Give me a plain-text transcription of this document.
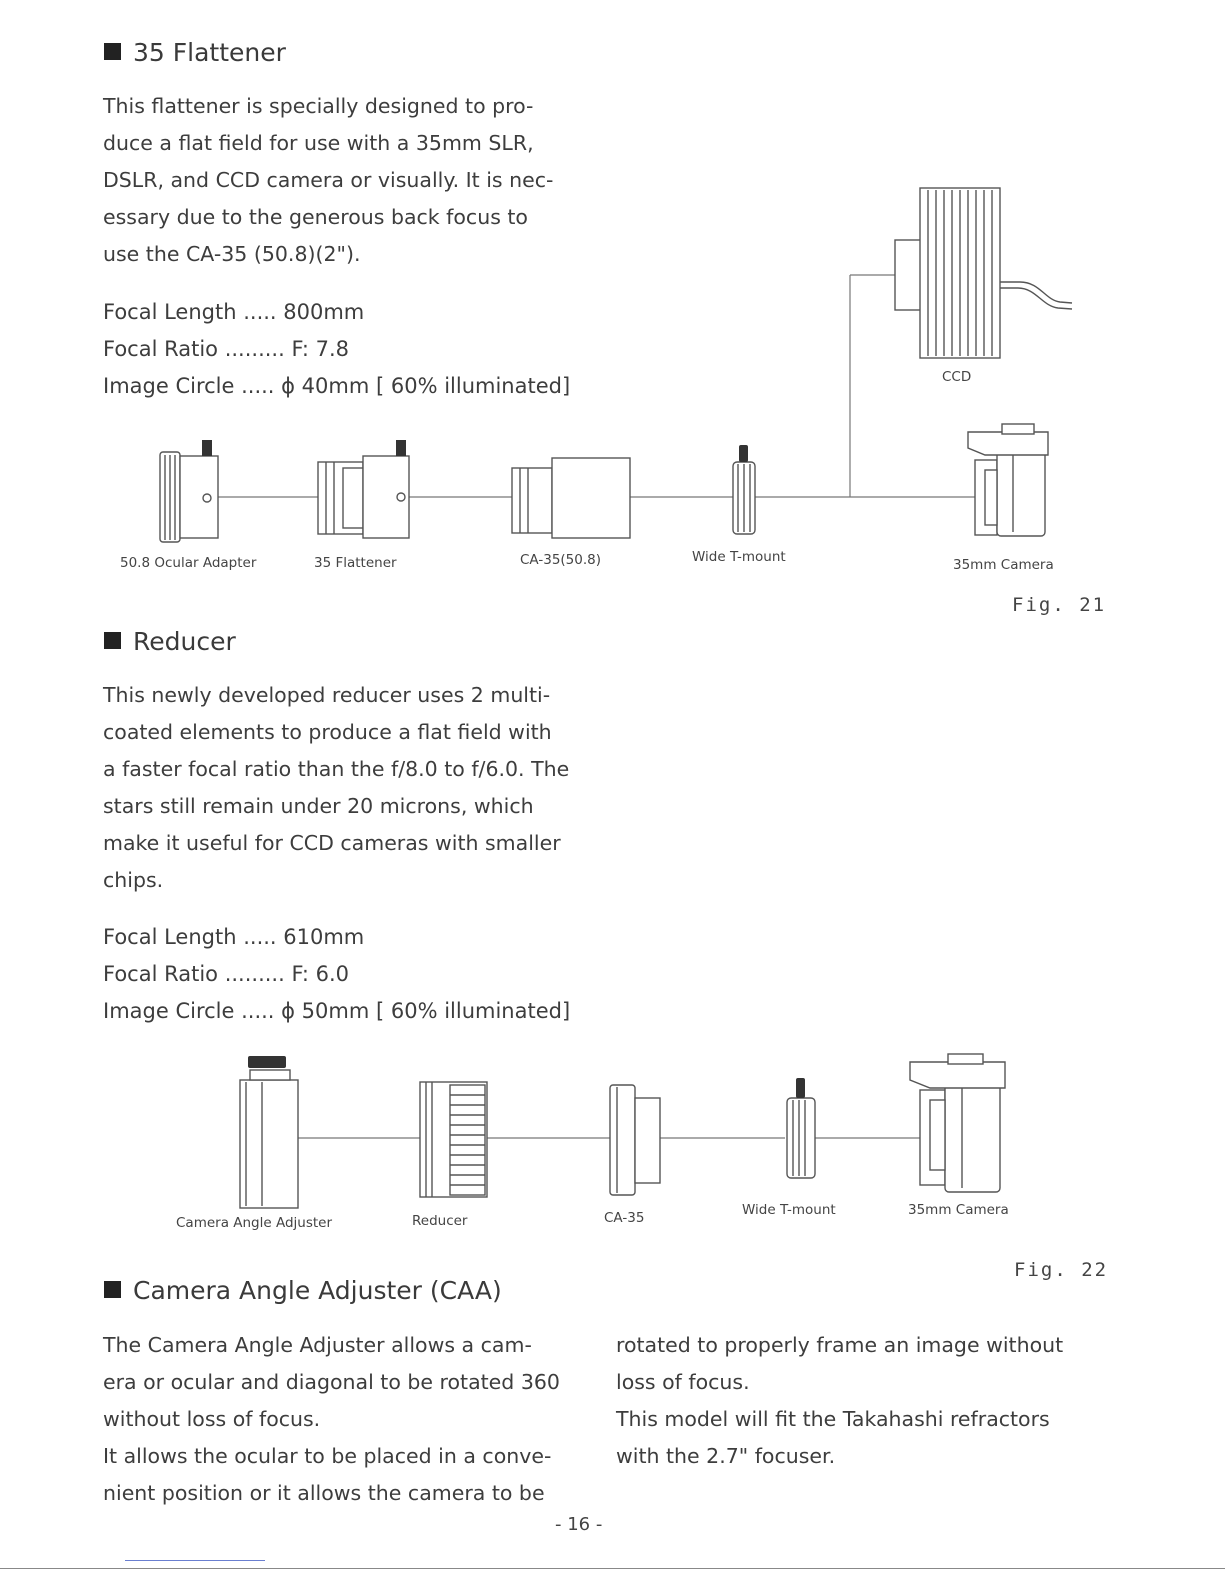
35 Flattener
This flattener is specially designed to pro-
duce a flat field for use with a 35mm SLR,
DSLR, and CCD camera or visually. It is nec-
essary due to the generous back focus to
use the CA-35 (50.8)(2").
Focal Length ..... 800mm
Focal Ratio ......... F: 7.8
Image Circle ..... ϕ 40mm [ 60% illuminated]
50.8 Ocular Adapter	35 Flattener	CA-35(50.8)	Wide T-mount	35mm Camera
CCD
Fig. 21
Reducer
This newly developed reducer uses 2 multi-
coated elements to produce a flat field with
a faster focal ratio than the f/8.0 to f/6.0. The
stars still remain under 20 microns, which
make it useful for CCD cameras with smaller
chips.
Focal Length ..... 610mm
Focal Ratio ......... F: 6.0
Image Circle ..... ϕ 50mm [ 60% illuminated]
Camera Angle Adjuster	Reducer	CA-35	Wide T-mount	35mm Camera
Fig. 22
Camera Angle Adjuster (CAA)
The Camera Angle Adjuster allows a cam-
era or ocular and diagonal to be rotated 360
without loss of focus.
It allows the ocular to be placed in a conve-
nient position or it allows the camera to be
rotated to properly frame an image without
loss of focus.
This model will fit the Takahashi refractors
with the 2.7" focuser.
- 16 -
